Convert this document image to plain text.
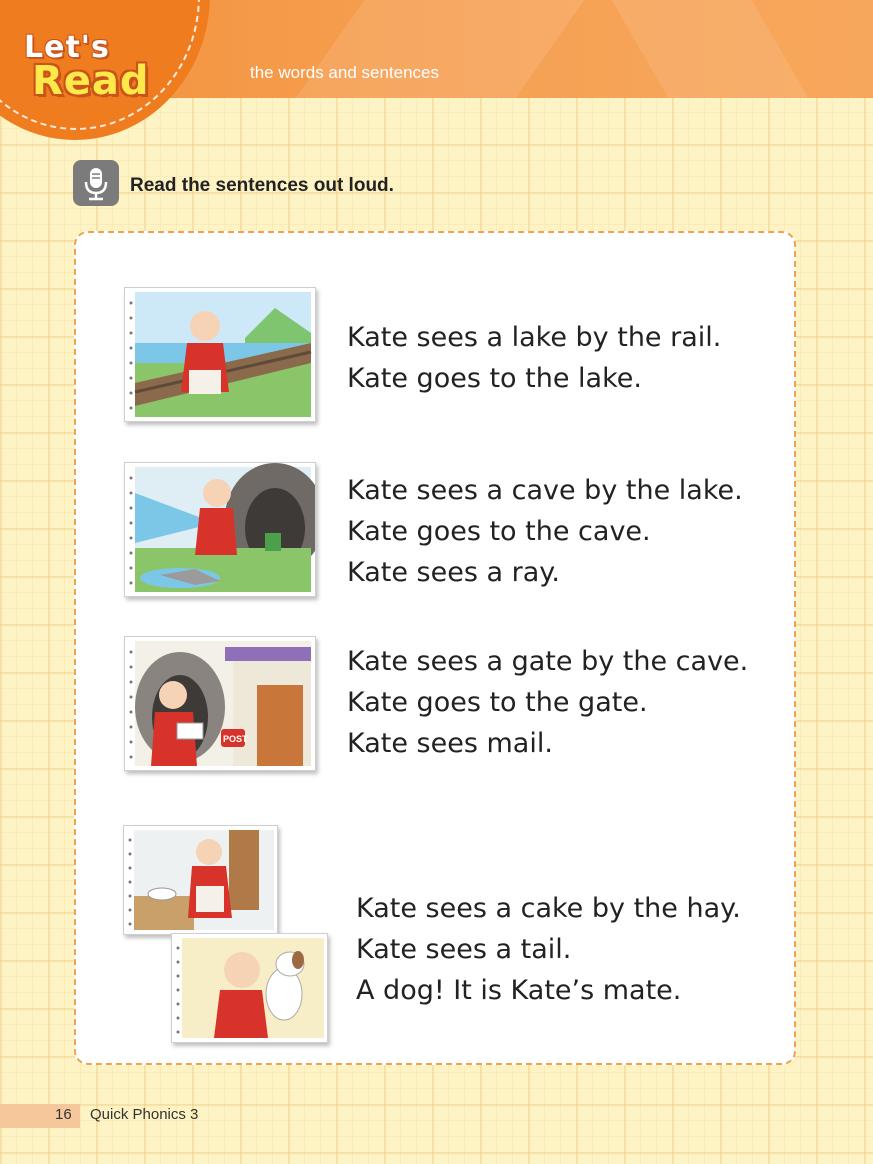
Let's
Read	the words and sentences
Read the sentences out loud.
Kate sees a lake by the rail.
Kate goes to the lake.
Kate sees a cave by the lake.
Kate goes to the cave.
Kate sees a ray.
POST
Kate sees a gate by the cave.
Kate goes to the gate.
Kate sees mail.
Kate sees a cake by the hay.
Kate sees a tail.
A dog! It is Kate’s mate.
16 Quick Phonics 3
